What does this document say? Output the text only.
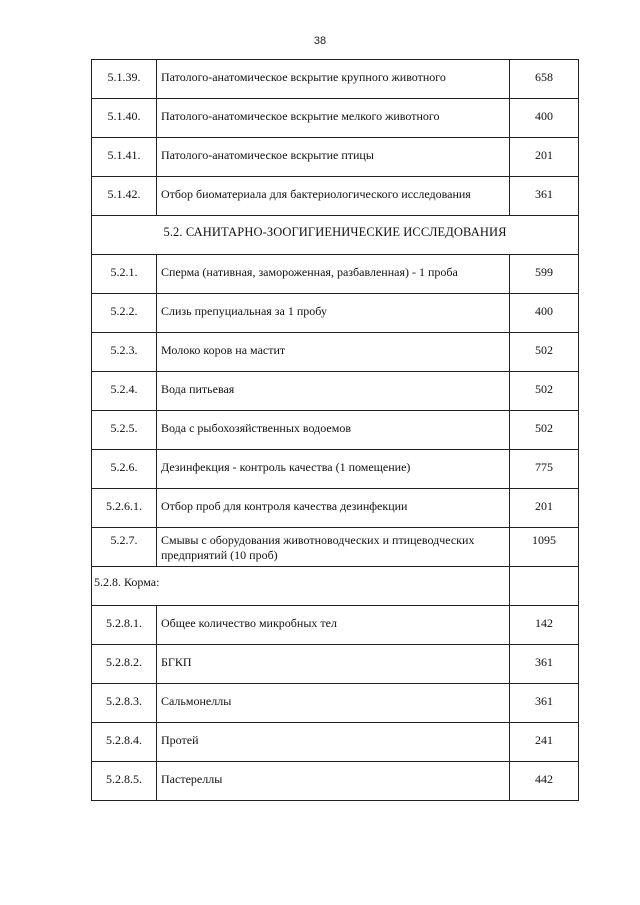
38
5.1.39.	Патолого-анатомическое вскрытие крупного животного	658
5.1.40.	Патолого-анатомическое вскрытие мелкого животного	400
5.1.41.	Патолого-анатомическое вскрытие птицы	201
5.1.42.	Отбор биоматериала для бактериологического исследования	361
5.2. САНИТАРНО-ЗООГИГИЕНИЧЕСКИЕ ИССЛЕДОВАНИЯ		
5.2.1.	Сперма (нативная, замороженная, разбавленная) - 1 проба	599
5.2.2.	Слизь препуциальная за 1 пробу	400
5.2.3.	Молоко коров на мастит	502
5.2.4.	Вода питьевая	502
5.2.5.	Вода с рыбохозяйственных водоемов	502
5.2.6.	Дезинфекция - контроль качества (1 помещение)	775
5.2.6.1.	Отбор проб для контроля качества дезинфекции	201
5.2.7.	Смывы с оборудования животноводческих и птицеводческих предприятий (10 проб)	1095
5.2.8. Корма:		
5.2.8.1.	Общее количество микробных тел	142
5.2.8.2.	БГКП	361
5.2.8.3.	Сальмонеллы	361
5.2.8.4.	Протей	241
5.2.8.5.	Пастереллы	442
